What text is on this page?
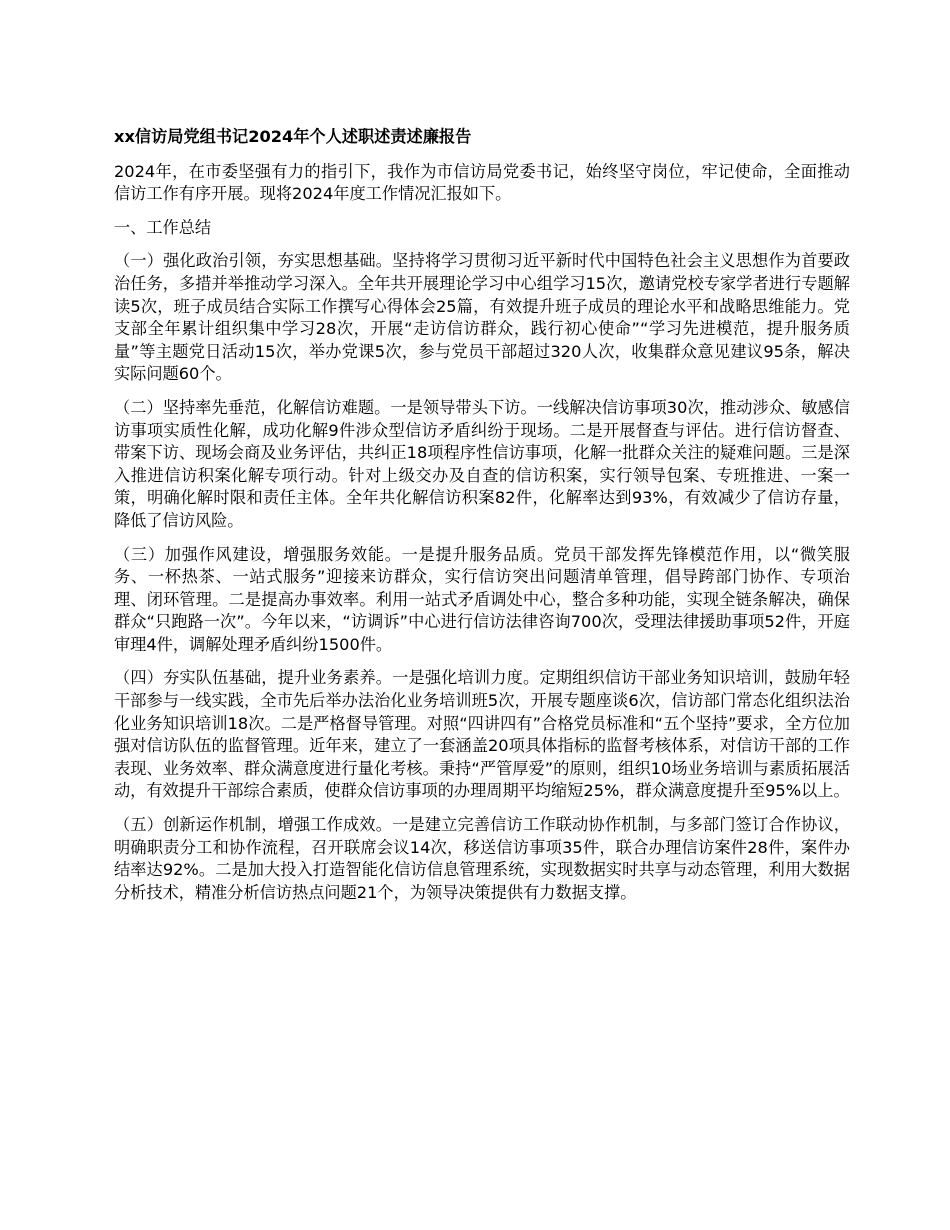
xx信访局党组书记2024年个人述职述责述廉报告
2024年，在市委坚强有力的指引下，我作为市信访局党委书记，始终坚守岗位，牢记使命，全面推动信访工作有序开展。现将2024年度工作情况汇报如下。
一、工作总结
（一）强化政治引领，夯实思想基础。坚持将学习贯彻习近平新时代中国特色社会主义思想作为首要政治任务，多措并举推动学习深入。全年共开展理论学习中心组学习15次，邀请党校专家学者进行专题解读5次，班子成员结合实际工作撰写心得体会25篇，有效提升班子成员的理论水平和战略思维能力。党支部全年累计组织集中学习28次，开展“走访信访群众，践行初心使命”“学习先进模范，提升服务质量”等主题党日活动15次，举办党课5次，参与党员干部超过320人次，收集群众意见建议95条，解决实际问题60个。
（二）坚持率先垂范，化解信访难题。一是领导带头下访。一线解决信访事项30次，推动涉众、敏感信访事项实质性化解，成功化解9件涉众型信访矛盾纠纷于现场。二是开展督查与评估。进行信访督查、带案下访、现场会商及业务评估，共纠正18项程序性信访事项，化解一批群众关注的疑难问题。三是深入推进信访积案化解专项行动。针对上级交办及自查的信访积案，实行领导包案、专班推进、一案一策，明确化解时限和责任主体。全年共化解信访积案82件，化解率达到93%，有效减少了信访存量，降低了信访风险。
（三）加强作风建设，增强服务效能。一是提升服务品质。党员干部发挥先锋模范作用，以“微笑服务、一杯热茶、一站式服务”迎接来访群众，实行信访突出问题清单管理，倡导跨部门协作、专项治理、闭环管理。二是提高办事效率。利用一站式矛盾调处中心，整合多种功能，实现全链条解决，确保群众“只跑路一次”。今年以来，“访调诉”中心进行信访法律咨询700次，受理法律援助事项52件，开庭审理4件，调解处理矛盾纠纷1500件。
（四）夯实队伍基础，提升业务素养。一是强化培训力度。定期组织信访干部业务知识培训，鼓励年轻干部参与一线实践，全市先后举办法治化业务培训班5次，开展专题座谈6次，信访部门常态化组织法治化业务知识培训18次。二是严格督导管理。对照“四讲四有”合格党员标准和“五个坚持”要求，全方位加强对信访队伍的监督管理。近年来，建立了一套涵盖20项具体指标的监督考核体系，对信访干部的工作表现、业务效率、群众满意度进行量化考核。秉持“严管厚爱”的原则，组织10场业务培训与素质拓展活动，有效提升干部综合素质，使群众信访事项的办理周期平均缩短25%，群众满意度提升至95%以上。
（五）创新运作机制，增强工作成效。一是建立完善信访工作联动协作机制，与多部门签订合作协议，明确职责分工和协作流程，召开联席会议14次，移送信访事项35件，联合办理信访案件28件，案件办结率达92%。二是加大投入打造智能化信访信息管理系统，实现数据实时共享与动态管理，利用大数据分析技术，精准分析信访热点问题21个，为领导决策提供有力数据支撑。
